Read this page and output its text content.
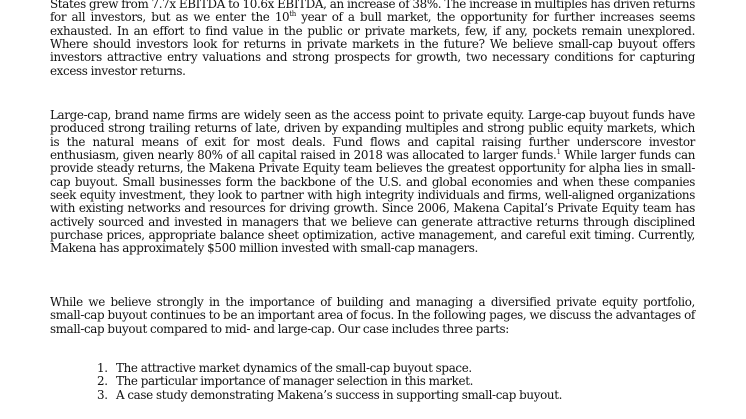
States grew from 7.7x EBITDA to 10.6x EBITDA, an increase of 38%. The increase in multiples has driven returns for all investors, but as we enter the 10th year of a bull market, the opportunity for further increases seems exhausted. In an effort to find value in the public or private markets, few, if any, pockets remain unexplored. Where should investors look for returns in private markets in the future? We believe small-cap buyout offers investors attractive entry valuations and strong prospects for growth, two necessary conditions for capturing excess investor returns.

Large-cap, brand name firms are widely seen as the access point to private equity. Large-cap buyout funds have produced strong trailing returns of late, driven by expanding multiples and strong public equity markets, which is the natural means of exit for most deals. Fund flows and capital raising further underscore investor enthusiasm, given nearly 80% of all capital raised in 2018 was allocated to larger funds.$^1$ While larger funds can provide steady returns, the Makena Private Equity team believes the greatest opportunity for alpha lies in small-cap buyout. Small businesses form the backbone of the U.S. and global economies and when these companies seek equity investment, they look to partner with high integrity individuals and firms, well-aligned organizations with existing networks and resources for driving growth. Since 2006, Makena Capital’s Private Equity team has actively sourced and invested in managers that we believe can generate attractive returns through disciplined purchase prices, appropriate balance sheet optimization, active management, and careful exit timing. Currently, Makena has approximately $500 million invested with small-cap managers.

While we believe strongly in the importance of building and managing a diversified private equity portfolio, small-cap buyout continues to be an important area of focus. In the following pages, we discuss the advantages of small-cap buyout compared to mid- and large-cap. Our case includes three parts:

1. The attractive market dynamics of the small-cap buyout space.
2. The particular importance of manager selection in this market.
3. A case study demonstrating Makena’s success in supporting small-cap buyout.
